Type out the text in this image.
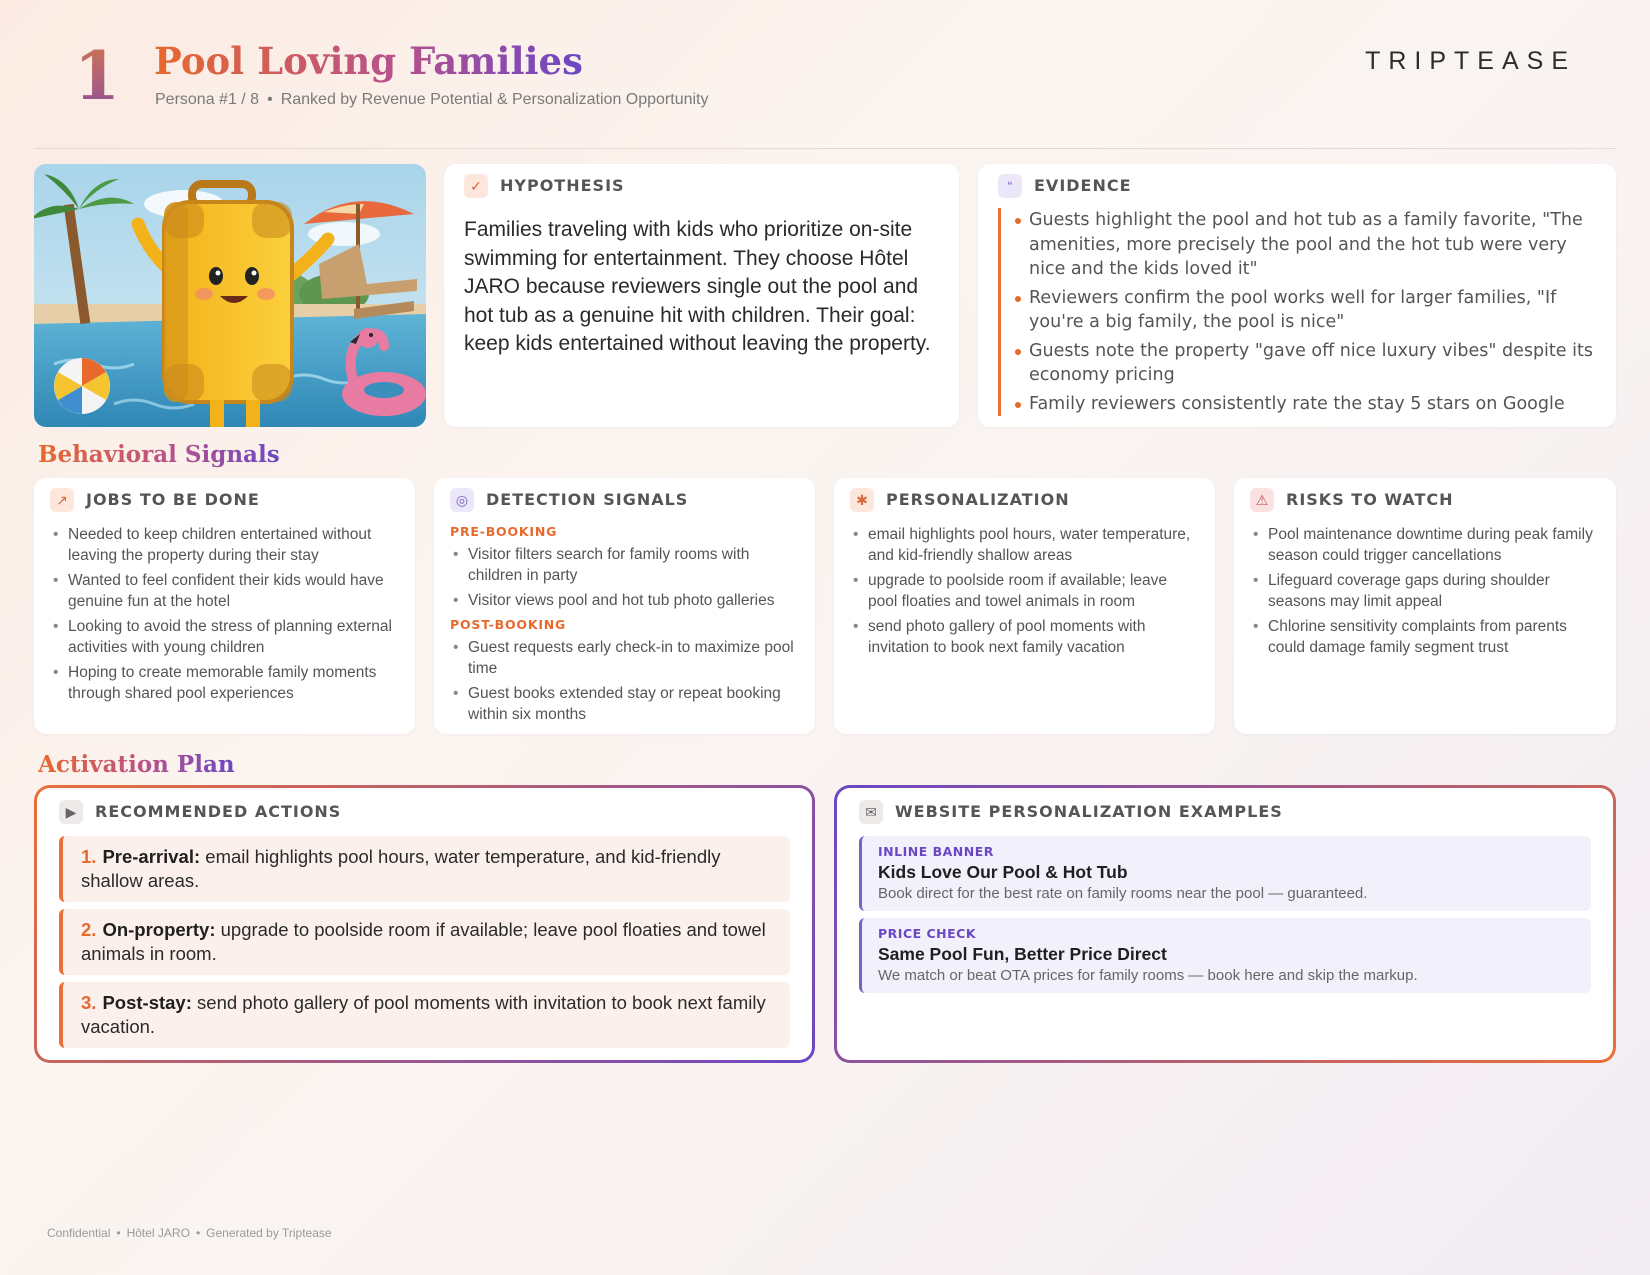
1 Pool Loving Families
Persona #1 / 8 • Ranked by Revenue Potential & Personalization Opportunity
TRIPTEASE
✓	HYPOTHESIS

Families traveling with kids who prioritize on-site swimming for entertainment. They choose Hôtel JARO because reviewers single out the pool and hot tub as a genuine hit with children. Their goal: keep kids entertained without leaving the property.

“	EVIDENCE
Guests highlight the pool and hot tub as a family favorite, "The amenities, more precisely the pool and the hot tub were very nice and the kids loved it"
Reviewers confirm the pool works well for larger families, "If you're a big family, the pool is nice"
Guests note the property "gave off nice luxury vibes" despite its economy pricing
Family reviewers consistently rate the stay 5 stars on Google
Behavioral Signals
↗	JOBS TO BE DONE
• Needed to keep children entertained without leaving the property during their stay
• Wanted to feel confident their kids would have genuine fun at the hotel
• Looking to avoid the stress of planning external activities with young children
• Hoping to create memorable family moments through shared pool experiences
◎	DETECTION SIGNALS
PRE-BOOKING
• Visitor filters search for family rooms with children in party
• Visitor views pool and hot tub photo galleries
POST-BOOKING
• Guest requests early check-in to maximize pool time
• Guest books extended stay or repeat booking within six months
✱	PERSONALIZATION
• email highlights pool hours, water temperature, and kid-friendly shallow areas
• upgrade to poolside room if available; leave pool floaties and towel animals in room
• send photo gallery of pool moments with invitation to book next family vacation
⚠	RISKS TO WATCH
• Pool maintenance downtime during peak family season could trigger cancellations
• Lifeguard coverage gaps during shoulder seasons may limit appeal
• Chlorine sensitivity complaints from parents could damage family segment trust
Activation Plan
▶	RECOMMENDED ACTIONS
1. Pre-arrival: email highlights pool hours, water temperature, and kid-friendly shallow areas.
2. On-property: upgrade to poolside room if available; leave pool floaties and towel animals in room.
3. Post-stay: send photo gallery of pool moments with invitation to book next family vacation.
✉	WEBSITE PERSONALIZATION EXAMPLES
INLINE BANNER
Kids Love Our Pool & Hot Tub
Book direct for the best rate on family rooms near the pool — guaranteed.
PRICE CHECK
Same Pool Fun, Better Price Direct
We match or beat OTA prices for family rooms — book here and skip the markup.
Confidential • Hôtel JARO • Generated by Triptease
